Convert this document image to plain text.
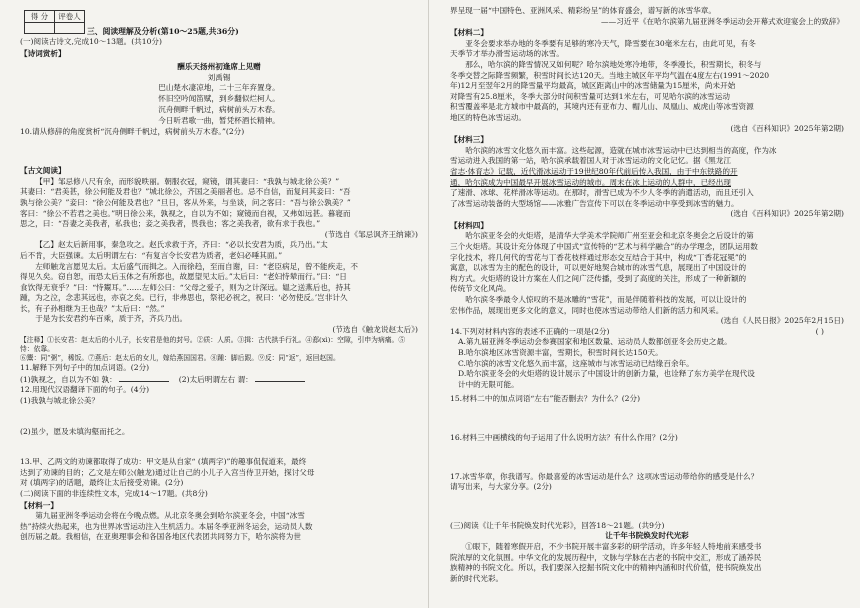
得 分	评卷人

三、阅读理解及分析(第10～25题,共36分)
(一)阅读古诗文,完成10～13题。(共10分)
【诗词赏析】
酬乐天扬州初逢席上见赠
刘禹锡
巴山楚水凄凉地，二十三年弃置身。
怀旧空吟闻笛赋，到乡翻似烂柯人。
沉舟侧畔千帆过，病树前头万木春。
今日听君歌一曲，暂凭杯酒长精神。
10.请从修辞的角度赏析“沉舟侧畔千帆过，病树前头万木春。”(2分)
【古文阅读】
【甲】邹忌修八尺有余，而形貌昳丽。朝服衣冠，窥镜，谓其妻曰：“我孰与城北徐公美？”
其妻曰：“君美甚，徐公何能及君也？”城北徐公，齐国之美丽者也。忌不自信，而复问其妾曰：“吾
孰与徐公美？”妾曰：“徐公何能及君也？”旦日，客从外来，与坐谈，问之客曰：“吾与徐公孰美？”
客曰：“徐公不若君之美也。”明日徐公来，孰视之，自以为不如；窥镜而自视，又弗如远甚。暮寝而
思之，曰：“吾妻之美我者，私我也；妾之美我者，畏我也；客之美我者，欲有求于我也。”
(节选自《邹忌讽齐王纳谏》)
【乙】赵太后新用事，秦急攻之。赵氏求救于齐，齐曰：“必以长安君为质，兵乃出。”太
后不肯，大臣强谏。太后明谓左右：“有复言令长安君为质者，老妇必唾其面。”
左师触龙言愿见太后。太后盛气而揖之。入而徐趋，至而自谢，曰：“老臣病足，曾不能疾走，不
得见久矣。窃自恕，而恐太后玉体之有所郄也，故愿望见太后。”太后曰：“老妇恃辇而行。”曰：“日
食饮得无衰乎？”曰：“恃鬻耳。”……左师公曰：“父母之爱子，则为之计深远。媪之送燕后也，持其
踵，为之泣，念悲其远也，亦哀之矣。已行，非弗思也，祭祀必祝之，祝曰：‘必勿使反。’岂非计久
长，有子孙相继为王也哉？”太后曰：“然。”
于是为长安君约车百乘，质于齐，齐兵乃出。
(节选自《触龙说赵太后》)
【注释】①长安君：赵太后的小儿子，长安君是他的封号。②质：人质。③揖：古代拱手行礼。④郄(xì)：空隙，引申为病痛。⑤恃：依靠。
⑥鬻：同“粥”，稀饭。⑦燕后：赵太后的女儿，嫁给燕国国君。⑧踵：脚后跟。⑨反：同“返”，返回赵国。
11.解释下列句子中的加点词语。(2分)
(1)孰视之，自以为不如 孰：	(2)太后明谓左右 谓：
12.用现代汉语翻译下面的句子。(4分)
(1)我孰与城北徐公美？
(2)虽少，愿及未填沟壑而托之。
13.甲、乙两文的劝谏都取得了成功：甲文是从自家“ (填两字)”的趣事侃侃道来，最终
达到了劝谏的目的；乙文是左师公(触龙)通过让自己的小儿子入宫当侍卫开始，探讨父母
对 (填两字)的话题，最终让太后接受劝谏。(2分)
(二)阅读下面的非连续性文本，完成14～17题。(共8分)
【材料一】
第九届亚洲冬季运动会将在今晚点燃。从北京冬奥会到哈尔滨亚冬会，中国“冰雪
热”持续火热起来，也为世界冰雪运动注入生机活力。本届冬季亚洲冬运会，运动员人数
创历届之最。我相信，在亚奥理事会和各国各地区代表团共同努力下，哈尔滨将为世
界呈现一届“中国特色、亚洲风采、精彩纷呈”的体育盛会，谱写新的冰雪华章。
——习近平《在哈尔滨第九届亚洲冬季运动会开幕式欢迎宴会上的致辞》
【材料二】
亚冬会要求举办地的冬季要有足够的寒冷天气，降雪要在30毫米左右，由此可见，有冬
天季节才举办滑雪运动场的冰雪。
那么，哈尔滨的降雪情况又如何呢？哈尔滨地处寒冷地带，冬季漫长，积雪期长，积冬与
冬季交替之际降雪频繁，积雪时间长达120天。当地主城区年平均气温在4度左右(1991～2020
年)12月至翌年2月的降雪量平均最高，城区距离山中的冰雪储量为15厘米，尚未开始
对降雪有25.8厘米，冬季大部分时间积雪量可达到1米左右，可见哈尔滨的冰雪运动
积雪覆盖率是北方城市中最高的，其境内还有亚布力、帽儿山、凤凰山、威虎山等冰雪资源
地区的特色冰雪运动。
(选自《百科知识》2025年第2期)
【材料三】
哈尔滨的冰雪文化悠久而丰富。这些起源，造就在城市冰雪运动中已达到相当的高度，作为冰
雪运动进入我国的第一站，哈尔滨承载着国人对于冰雪运动的文化记忆。据《黑龙江
省志·体育志》记载，近代滑冰运动于19世纪80年代前后传入我国，由于中东铁路的开
通，哈尔滨成为中国最早开展冰雪运动的城市。周末在冰上运动的人群中，已经出现
了速滑、冰球、花样滑冰等运动。在那时，滑雪已成为不少人冬季的消遣活动，而且还引入
了冰雪运动装备的大型场馆——冰雅广告宣传下可以在冬季运动中享受到冰雪的魅力。
(选自《百科知识》2025年第2期)
【材料四】
哈尔滨亚冬会的火炬塔，是清华大学美术学院师广州至亚会和北京冬奥会之后设计的第
三个火炬塔。其设计充分体现了中国式“宣传特的“艺术与科学融合”的办学理念，团队运用数
字化技术，将几何代的雪花与丁香花枝样通过形态交互结合于其中，构成“丁香花冠冕”的
寓意，以冰雪为主的配色的设计，可以更好地契合城市的冰雪气息，展现出了中国设计的
构方式。火炬塔的设计方案在人们之间广泛传播，受到了高度的关注，形成了一种新颖的
传统节文化风尚。
哈尔滨冬季最令人惊叹的不是冰雕的“雪花”，而是伴随着科技的发展，可以让设计的
宏伟作品，展现出更多文化的意义，同时也使冰雪运动带给人们新的活力和风采。
(选自《人民日报》2025年2月15日)
14.下列对材料内容的表述不正确的一项是(2分)	( )
A.第九届亚洲冬季运动会参赛国家和地区数量、运动员人数都创亚冬会历史之最。
B.哈尔滨地区冰雪资源丰富，雪期长，积雪时间长达150天。
C.哈尔滨的冰雪文化悠久而丰富，这座城市与冰雪运动已结缘百余年。
D.哈尔滨亚冬会的火炬塔的设计展示了中国设计的创新力量，也诠释了东方美学在现代设
计中的无限可能。
15.材料二中的加点词语“左右”能否删去？为什么？(2分)
16.材料三中画横线的句子运用了什么说明方法？有什么作用？(2分)
17.冰雪华章，你我谱写。你最喜爱的冰雪运动是什么？这项冰雪运动带给你的感受是什么？
请写出来，与大家分享。(2分)
(三)阅读《让千年书院焕发时代光彩》，回答18～21题。(共9分)
让千年书院焕发时代光彩
①眼下，随着寒假开启，不少书院开展丰富多彩的研学活动，许多年轻人特地前来感受书
院浓厚的文化氛围。中华文化的发展历程中，文脉与学脉在古老的书院中交汇，形成了涵养民
族精神的书院文化。所以，我们要深入挖掘书院文化中的精神内涵和时代价值，使书院焕发出
新的时代光彩。
